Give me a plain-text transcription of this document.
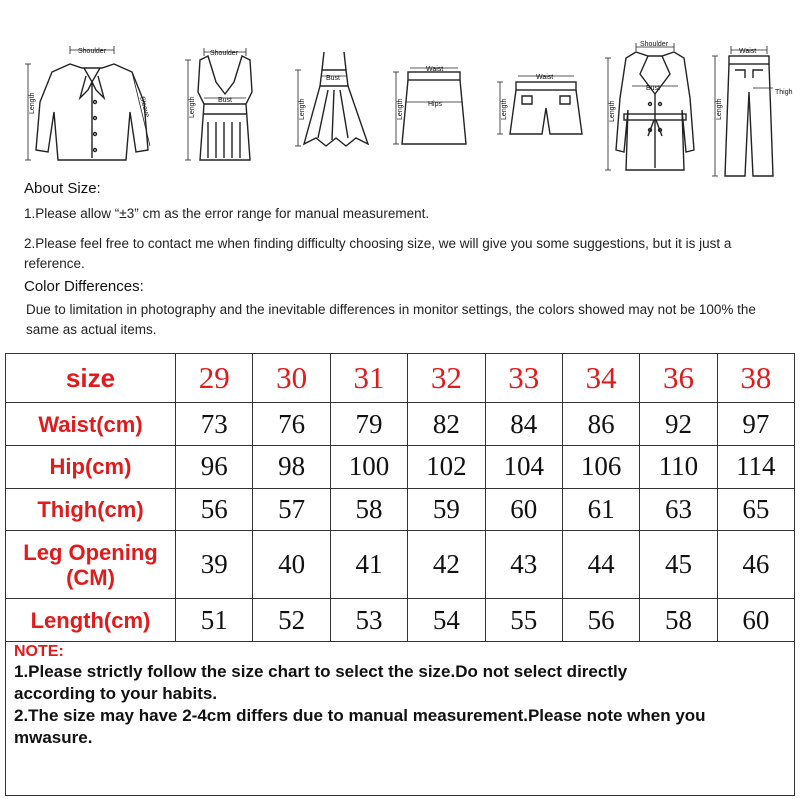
Shoulder
Length	Sleeve
Shoulder
Bust
Length
Bust
Length
Waist
Hips
Length
Waist
Length
Shoulder
Bust
Length
Waist
Thigh
Length
About Size:
1.Please allow “±3” cm as the error range for manual measurement.
2.Please feel free to contact me when finding difficulty choosing size, we will give you some suggestions, but it is just a reference.
Color Differences:
Due to limitation in photography and the inevitable differences in monitor settings, the colors showed may not be 100% the same as actual items.
size	29	30	31	32	33	34	36	38
Waist(cm)	73	76	79	82	84	86	92	97
Hip(cm)	96	98	100	102	104	106	110	114
Thigh(cm)	56	57	58	59	60	61	63	65

Leg Opening
(CM)	39	40	41	42	43	44	45	46
Length(cm)	51	52	53	54	55	56	58	60
NOTE:
1.Please strictly follow the size chart to select the size.Do not select directly
according to your habits.
2.The size may have 2-4cm differs due to manual measurement.Please note when you
mwasure.
